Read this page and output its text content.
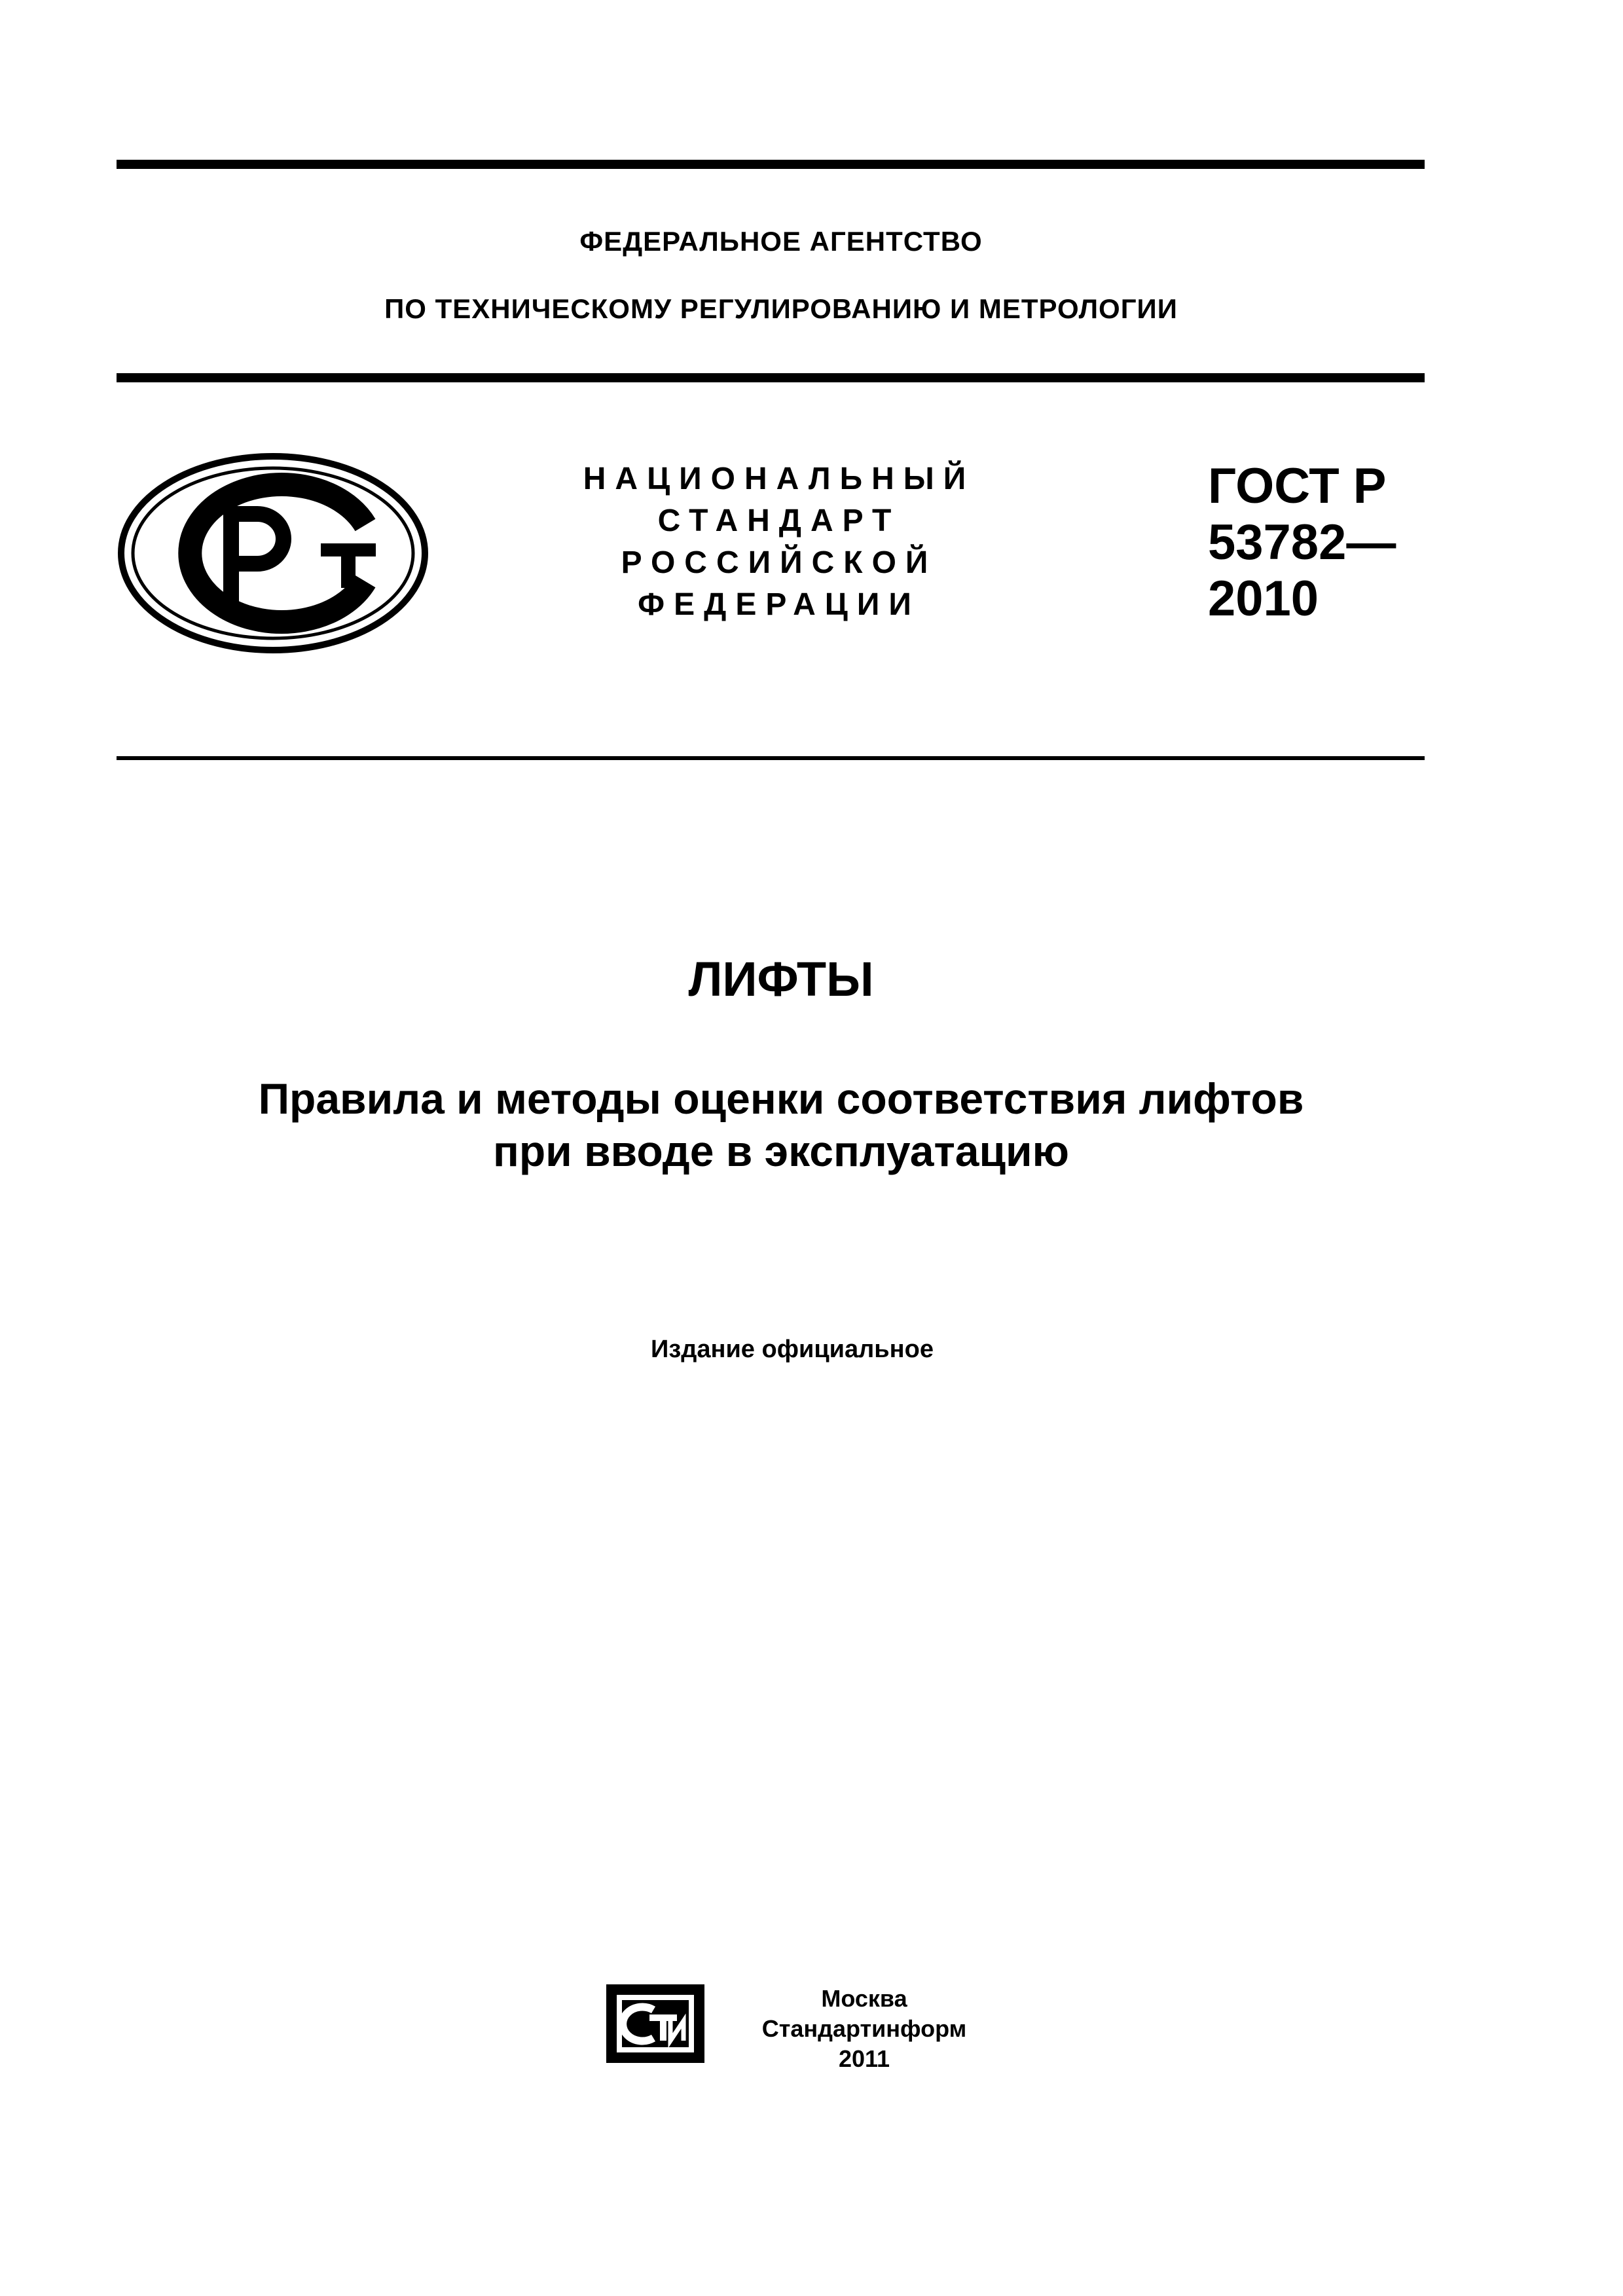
ФЕДЕРАЛЬНОЕ АГЕНТСТВО
ПО ТЕХНИЧЕСКОМУ РЕГУЛИРОВАНИЮ И МЕТРОЛОГИИ
НАЦИОНАЛЬНЫЙ
СТАНДАРТ
РОССИЙСКОЙ
ФЕДЕРАЦИИ
ГОСТ Р
53782—
2010
ЛИФТЫ
Правила и методы оценки соответствия лифтов
при вводе в эксплуатацию
Издание официальное
Москва
Стандартинформ
2011
